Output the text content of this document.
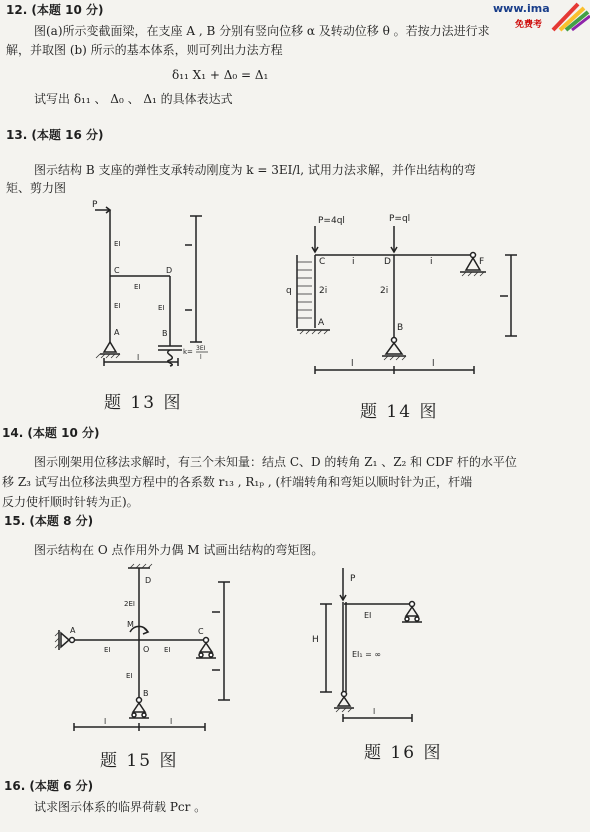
www.ima
免费考
12. (本题 10 分)
图(a)所示变截面梁，在支座 A , B 分别有竖向位移 α 及转动位移 θ 。若按力法进行求
解，并取图 (b) 所示的基本体系，则可列出力法方程
δ₁₁ X₁ + Δ₀ = Δ₁
试写出 δ₁₁ 、 Δ₀ 、 Δ₁ 的具体表达式
13. (本题 16 分)
图示结构 B 支座的弹性支承转动刚度为 k = 3EI/l, 试用力法求解，并作出结构的弯
矩、剪力图
P
EI
C	D
EI
EI	EI
A	B
k= 3EI
l
l
题 13 图
P=4ql	P=ql
C	i	D	i	F
q	2i	2i
A	B
l	l
题 14 图
14. (本题 10 分)
图示刚架用位移法求解时，有三个未知量：结点 C、D 的转角 Z₁ 、Z₂ 和 CDF 杆的水平位
移 Z₃ 试写出位移法典型方程中的各系数 r₁₃ , R₁ₚ , (杆端转角和弯矩以顺时针为正，杆端
反力使杆顺时针转为正)。
15. (本题 8 分)
图示结构在 O 点作用外力偶 M 试画出结构的弯矩图。
D
2EI
M
A
EI	O EI
C
EI
B
l	l
题 15 图
P
EI
H
EI₁ = ∞
l
题 16 图
16. (本题 6 分)
试求图示体系的临界荷载 Pcr 。
